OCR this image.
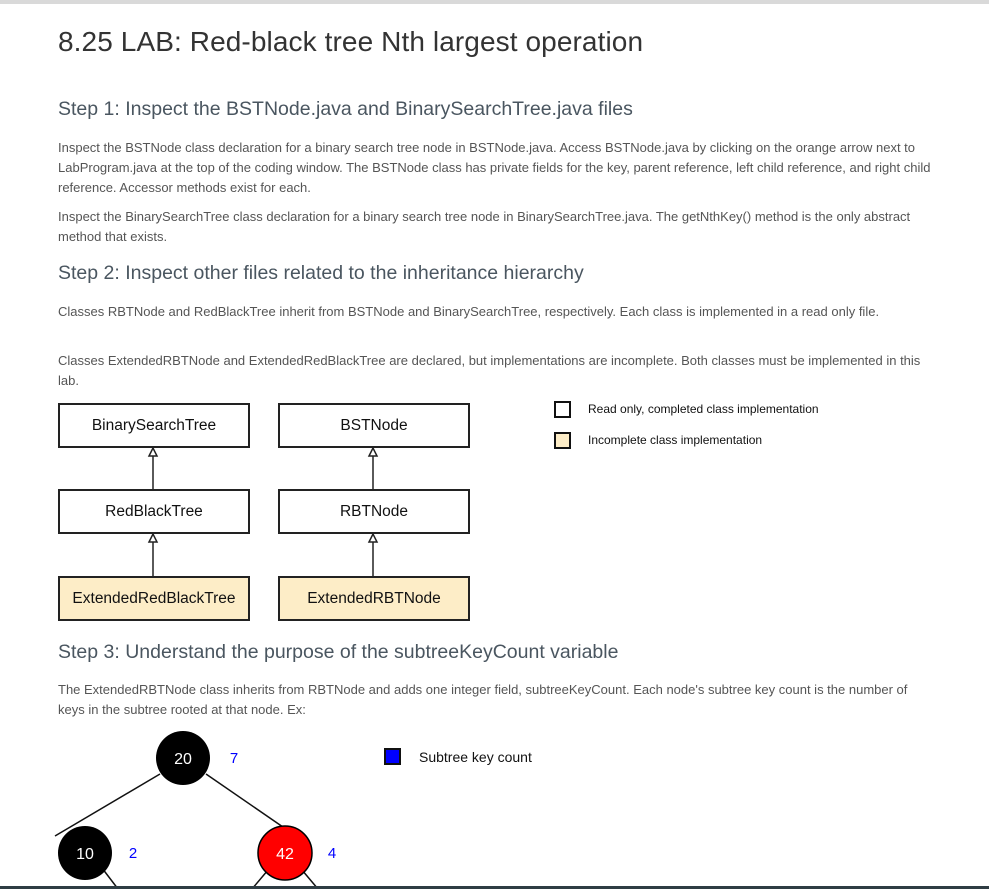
8.25 LAB: Red-black tree Nth largest operation
Step 1: Inspect the BSTNode.java and BinarySearchTree.java files

Inspect the BSTNode class declaration for a binary search tree node in BSTNode.java. Access BSTNode.java by clicking on the orange arrow next to LabProgram.java at the top of the coding window. The BSTNode class has private fields for the key, parent reference, left child reference, and right child reference. Accessor methods exist for each.

Inspect the BinarySearchTree class declaration for a binary search tree node in BinarySearchTree.java. The getNthKey() method is the only abstract method that exists.

Step 2: Inspect other files related to the inheritance hierarchy

Classes RBTNode and RedBlackTree inherit from BSTNode and BinarySearchTree, respectively. Each class is implemented in a read only file.

Classes ExtendedRBTNode and ExtendedRedBlackTree are declared, but implementations are incomplete. Both classes must be implemented in this lab.

BinarySearchTree
RedBlackTree
ExtendedRedBlackTree
BSTNode
RBTNode
ExtendedRBTNode
Read only, completed class implementation
Incomplete class implementation
Step 3: Understand the purpose of the subtreeKeyCount variable

The ExtendedRBTNode class inherits from RBTNode and adds one integer field, subtreeKeyCount. Each node's subtree key count is the number of keys in the subtree rooted at that node. Ex:

20	7
10 2	42 4
Subtree key count
